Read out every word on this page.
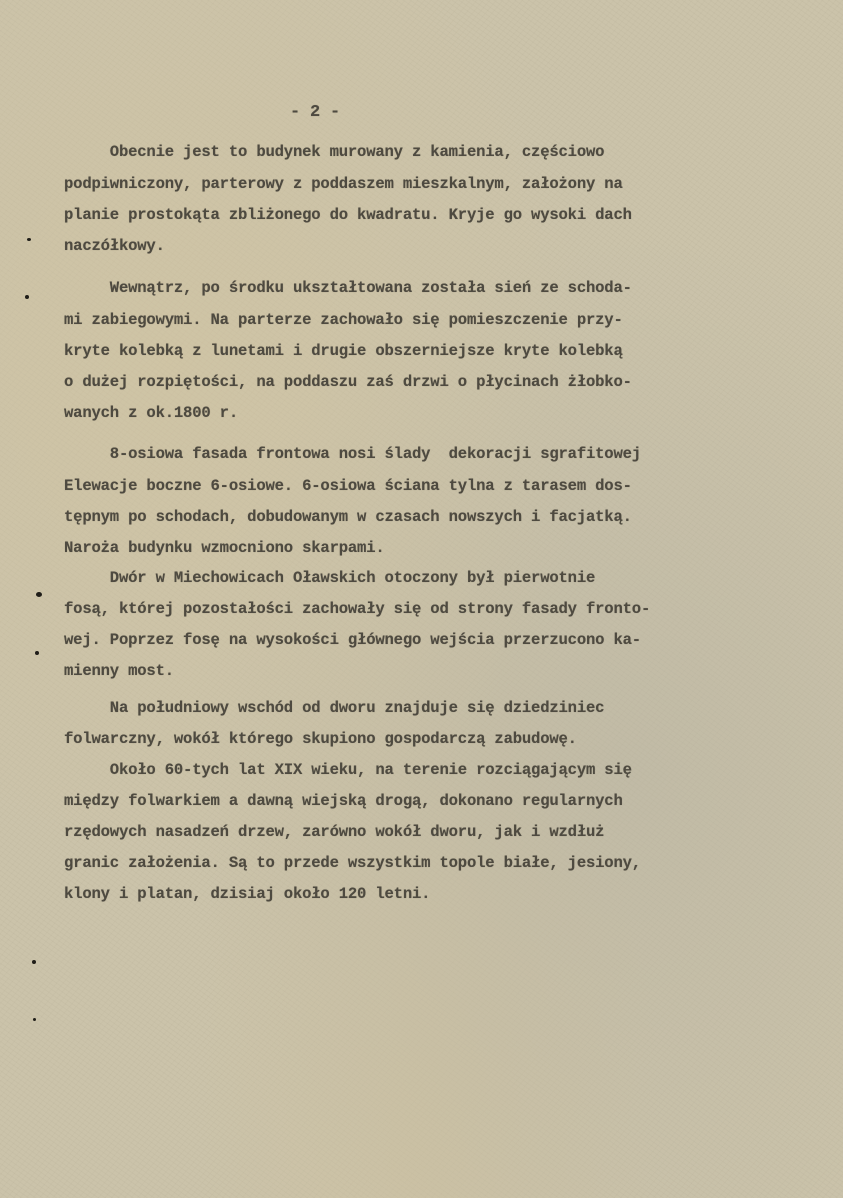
- 2 -
Obecnie jest to budynek murowany z kamienia, częściowo
podpiwniczony, parterowy z poddaszem mieszkalnym, założony na
planie prostokąta zbliżonego do kwadratu. Kryje go wysoki dach
naczółkowy.
Wewnątrz, po środku ukształtowana została sień ze schoda-
mi zabiegowymi. Na parterze zachowało się pomieszczenie przy-
kryte kolebką z lunetami i drugie obszerniejsze kryte kolebką
o dużej rozpiętości, na poddaszu zaś drzwi o płycinach żłobko-
wanych z ok.1800 r.
8-osiowa fasada frontowa nosi ślady  dekoracji sgrafitowej
Elewacje boczne 6-osiowe. 6-osiowa ściana tylna z tarasem dos-
tępnym po schodach, dobudowanym w czasach nowszych i facjatką.
Naroża budynku wzmocniono skarpami.
Dwór w Miechowicach Oławskich otoczony był pierwotnie
fosą, której pozostałości zachowały się od strony fasady fronto-
wej. Poprzez fosę na wysokości głównego wejścia przerzucono ka-
mienny most.
Na południowy wschód od dworu znajduje się dziedziniec
folwarczny, wokół którego skupiono gospodarczą zabudowę.
Około 60-tych lat XIX wieku, na terenie rozciągającym się
między folwarkiem a dawną wiejską drogą, dokonano regularnych
rzędowych nasadzeń drzew, zarówno wokół dworu, jak i wzdłuż
granic założenia. Są to przede wszystkim topole białe, jesiony,
klony i platan, dzisiaj około 120 letni.
